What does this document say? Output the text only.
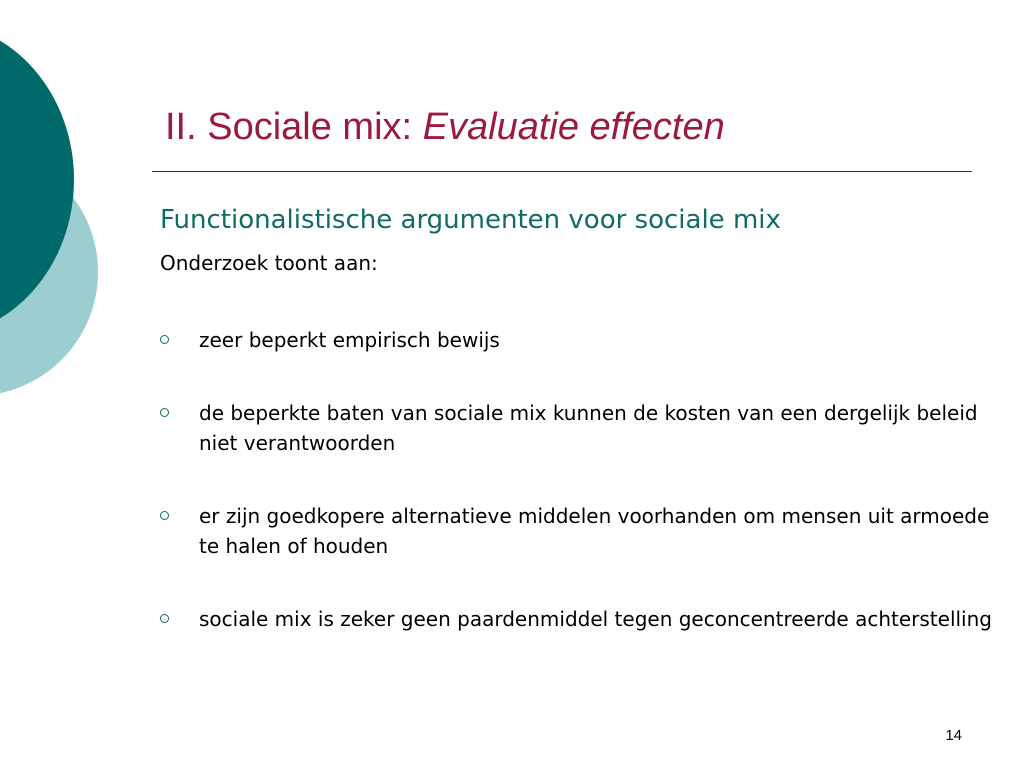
II. Sociale mix: Evaluatie effecten
Functionalistische argumenten voor sociale mix
Onderzoek toont aan:
zeer beperkt empirisch bewijs
de beperkte baten van sociale mix kunnen de kosten van een dergelijk beleid niet verantwoorden
er zijn goedkopere alternatieve middelen voorhanden om mensen uit armoede te halen of houden
sociale mix is zeker geen paardenmiddel tegen geconcentreerde achterstelling
14
